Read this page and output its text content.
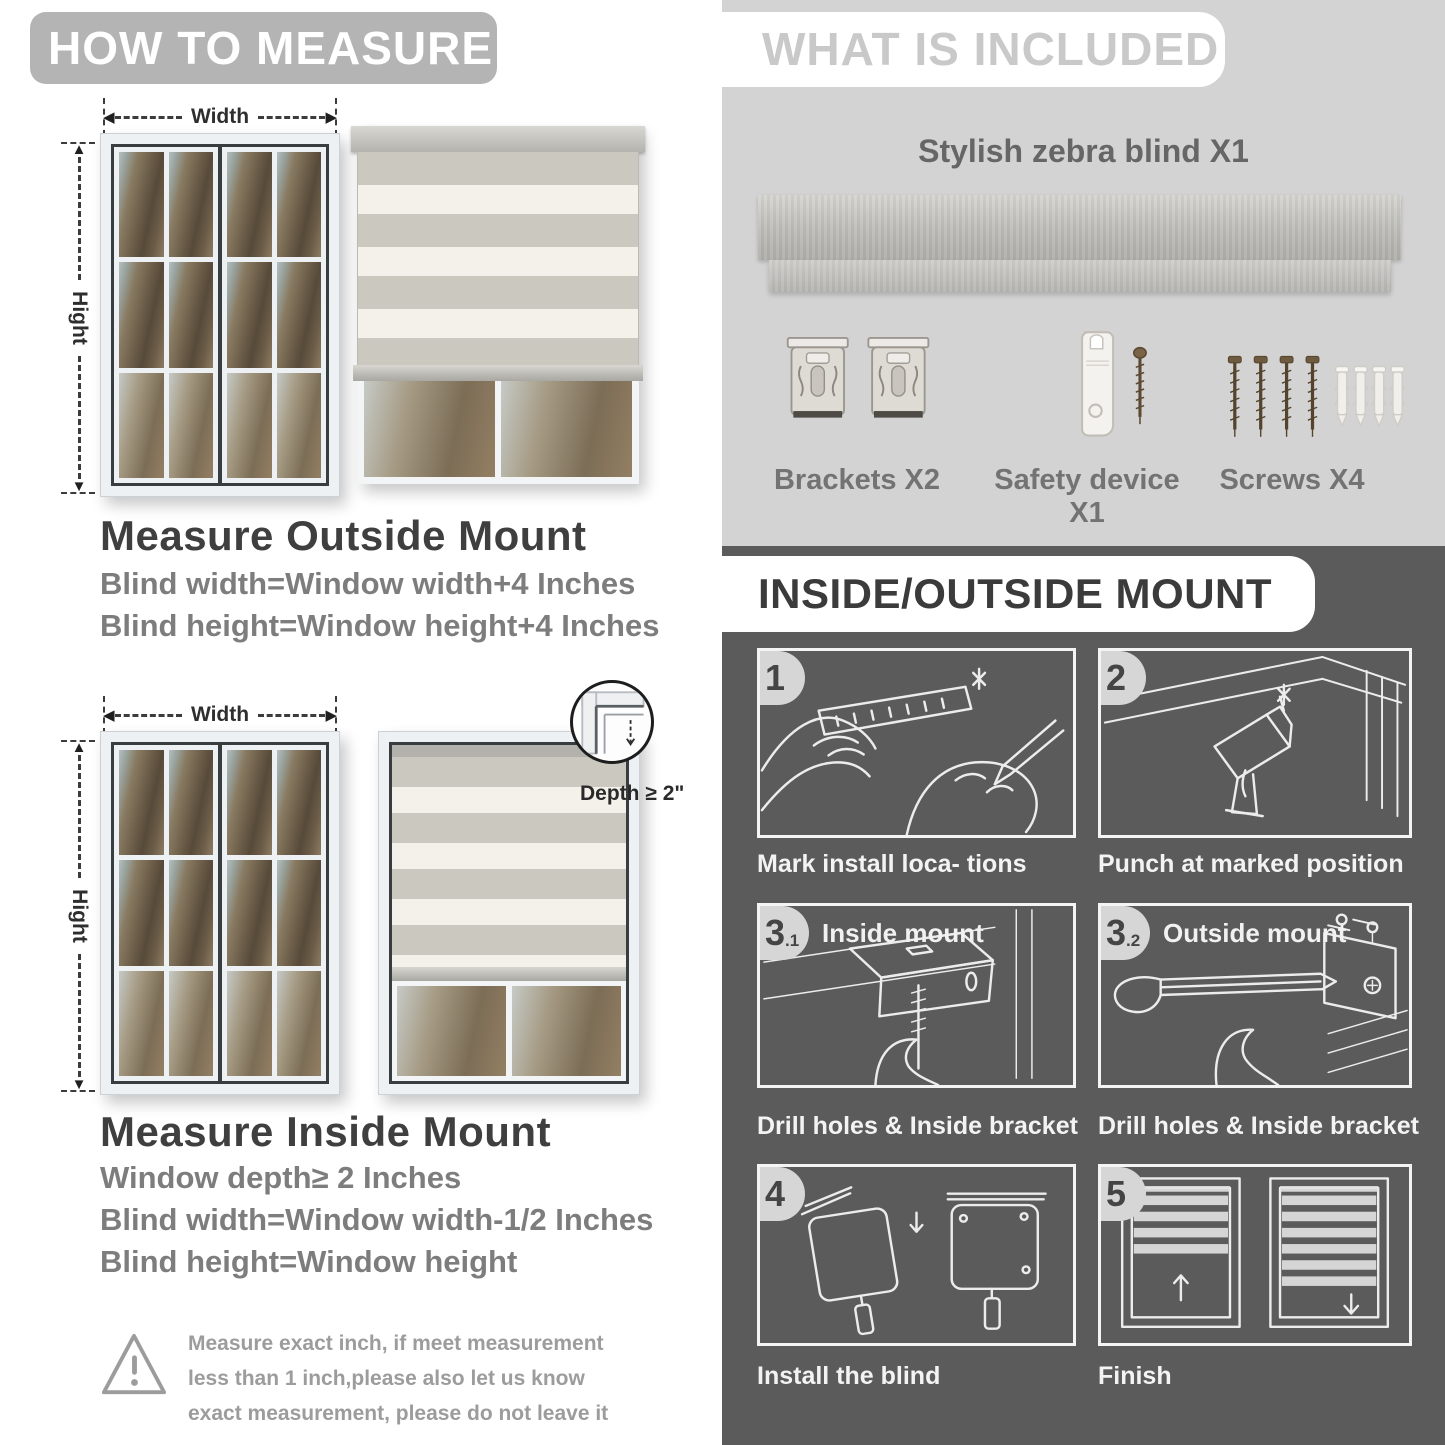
HOW TO MEASURE
◀	Width	▶
▲
Hight
▼
Measure Outside Mount
Blind width=Window width+4 Inches
Blind height=Window height+4 Inches
◀	Width	▶
▲
Hight
▼
Depth ≥ 2"
Measure Inside Mount
Window depth≥ 2 Inches
Blind width=Window width-1/2 Inches
Blind height=Window height
Measure exact inch, if meet measurement less than 1 inch,please also let us know exact measurement, please do not leave it
WHAT IS INCLUDED
Stylish zebra blind X1
Brackets X2	Safety device X1
Screws X4
INSIDE/OUTSIDE MOUNT
1	2
Mark install loca- tions	Punch at marked position
3 .1 Inside mount	3 .2 Outside mount
Drill holes & Inside bracket Drill holes & Inside bracket
4	5
Install the blind	Finish
